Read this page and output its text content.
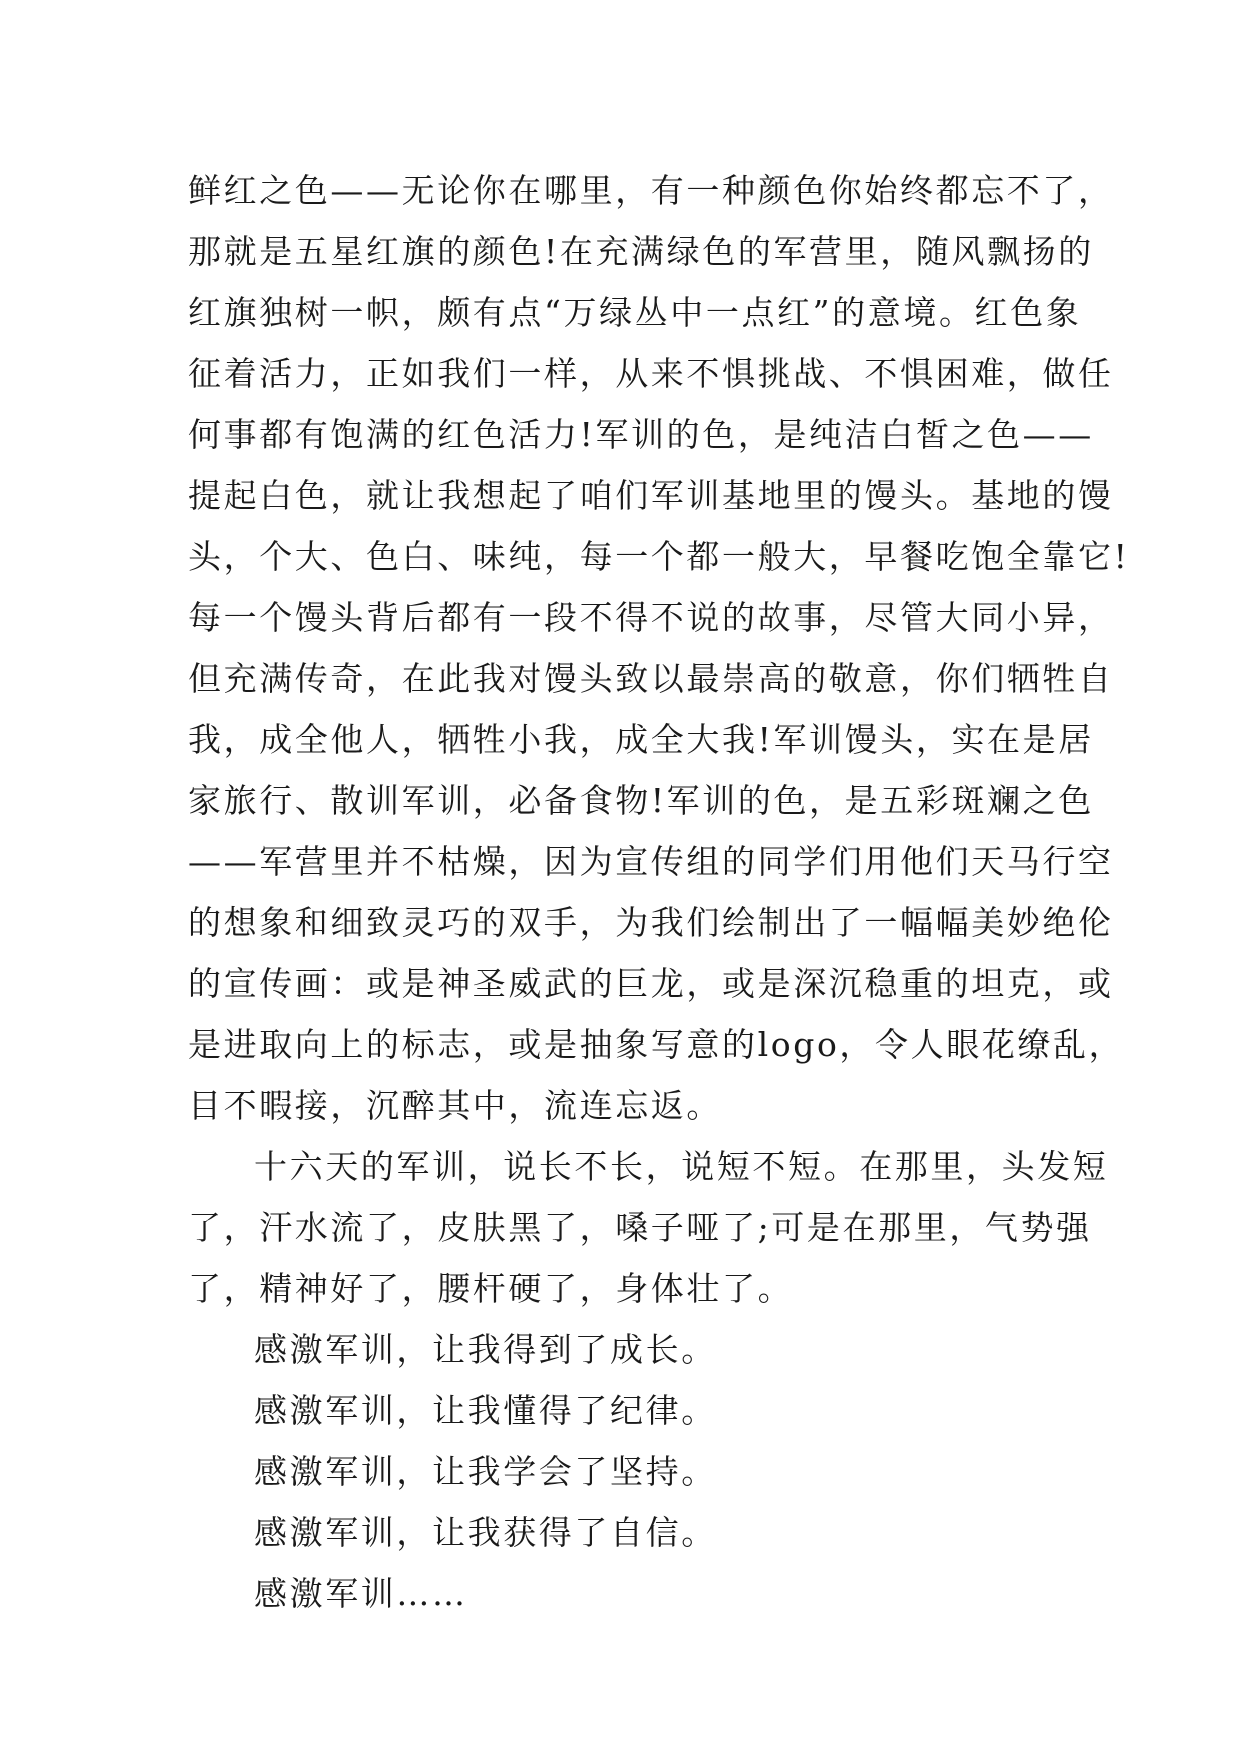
鲜红之色——无论你在哪里，有一种颜色你始终都忘不了，
那就是五星红旗的颜色!在充满绿色的军营里，随风飘扬的
红旗独树一帜，颇有点“万绿丛中一点红”的意境。红色象
征着活力，正如我们一样，从来不惧挑战、不惧困难，做任
何事都有饱满的红色活力!军训的色，是纯洁白皙之色——
提起白色，就让我想起了咱们军训基地里的馒头。基地的馒
头，个大、色白、味纯，每一个都一般大，早餐吃饱全靠它!
每一个馒头背后都有一段不得不说的故事，尽管大同小异，
但充满传奇，在此我对馒头致以最崇高的敬意，你们牺牲自
我，成全他人，牺牲小我，成全大我!军训馒头，实在是居
家旅行、散训军训，必备食物!军训的色，是五彩斑斓之色
——军营里并不枯燥，因为宣传组的同学们用他们天马行空
的想象和细致灵巧的双手，为我们绘制出了一幅幅美妙绝伦
的宣传画：或是神圣威武的巨龙，或是深沉稳重的坦克，或
是进取向上的标志，或是抽象写意的logo，令人眼花缭乱，
目不暇接，沉醉其中，流连忘返。
十六天的军训，说长不长，说短不短。在那里，头发短
了，汗水流了，皮肤黑了，嗓子哑了;可是在那里，气势强
了，精神好了，腰杆硬了，身体壮了。
感激军训，让我得到了成长。
感激军训，让我懂得了纪律。
感激军训，让我学会了坚持。
感激军训，让我获得了自信。
感激军训……
